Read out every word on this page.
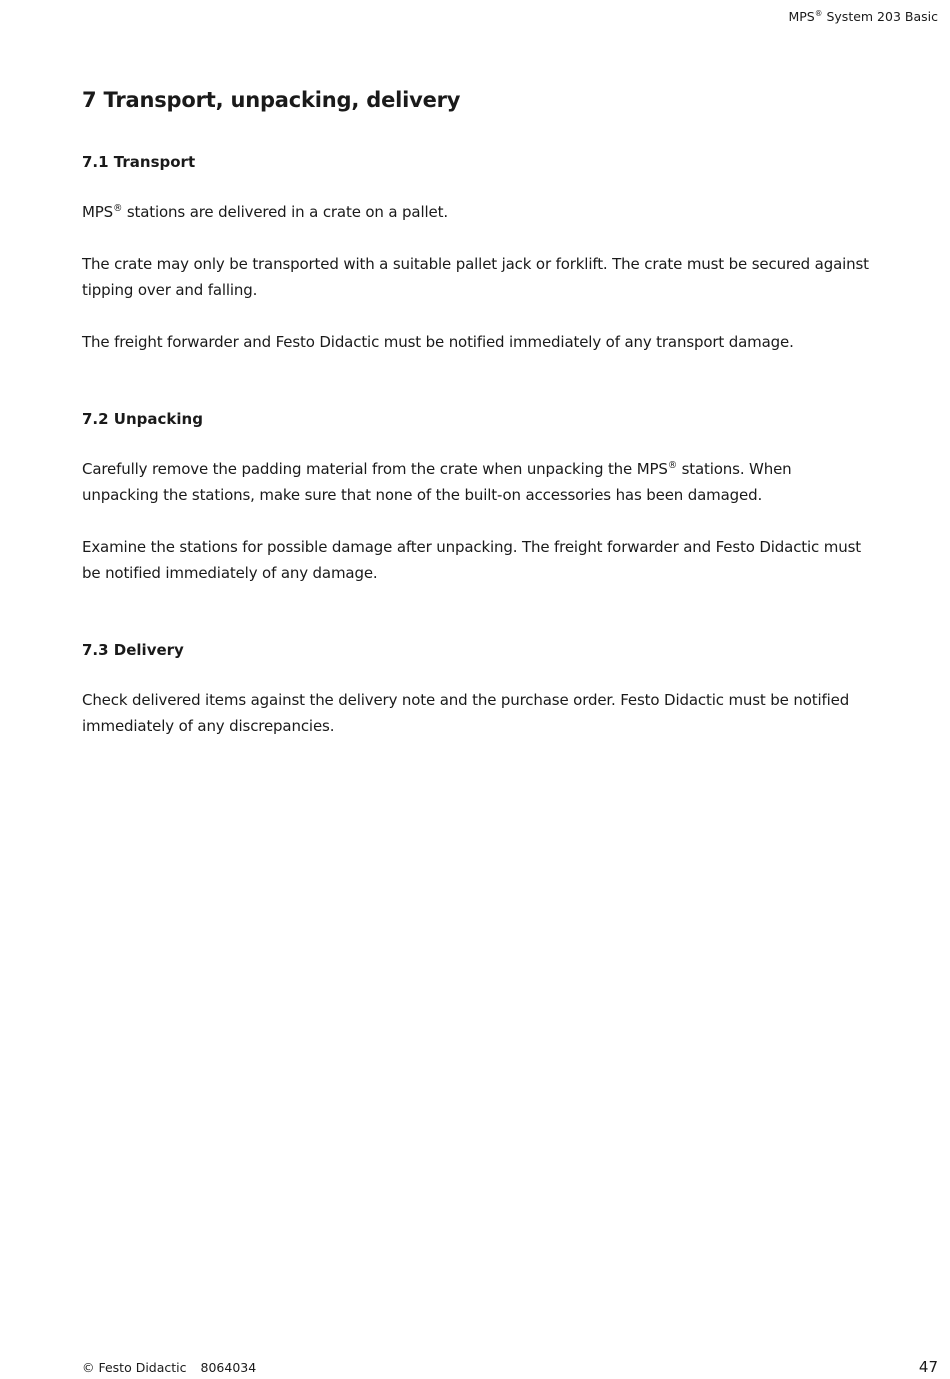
MPS® System 203 Basic
7 Transport, unpacking, delivery
7.1 Transport

MPS® stations are delivered in a crate on a pallet.

The crate may only be transported with a suitable pallet jack or forklift. The crate must be secured against tipping over and falling.

The freight forwarder and Festo Didactic must be notified immediately of any transport damage.

7.2 Unpacking

Carefully remove the padding material from the crate when unpacking the MPS® stations. When unpacking the stations, make sure that none of the built-on accessories has been damaged.

Examine the stations for possible damage after unpacking. The freight forwarder and Festo Didactic must be notified immediately of any damage.

7.3 Delivery

Check delivered items against the delivery note and the purchase order. Festo Didactic must be notified immediately of any discrepancies.

© Festo Didactic 8064034	47
